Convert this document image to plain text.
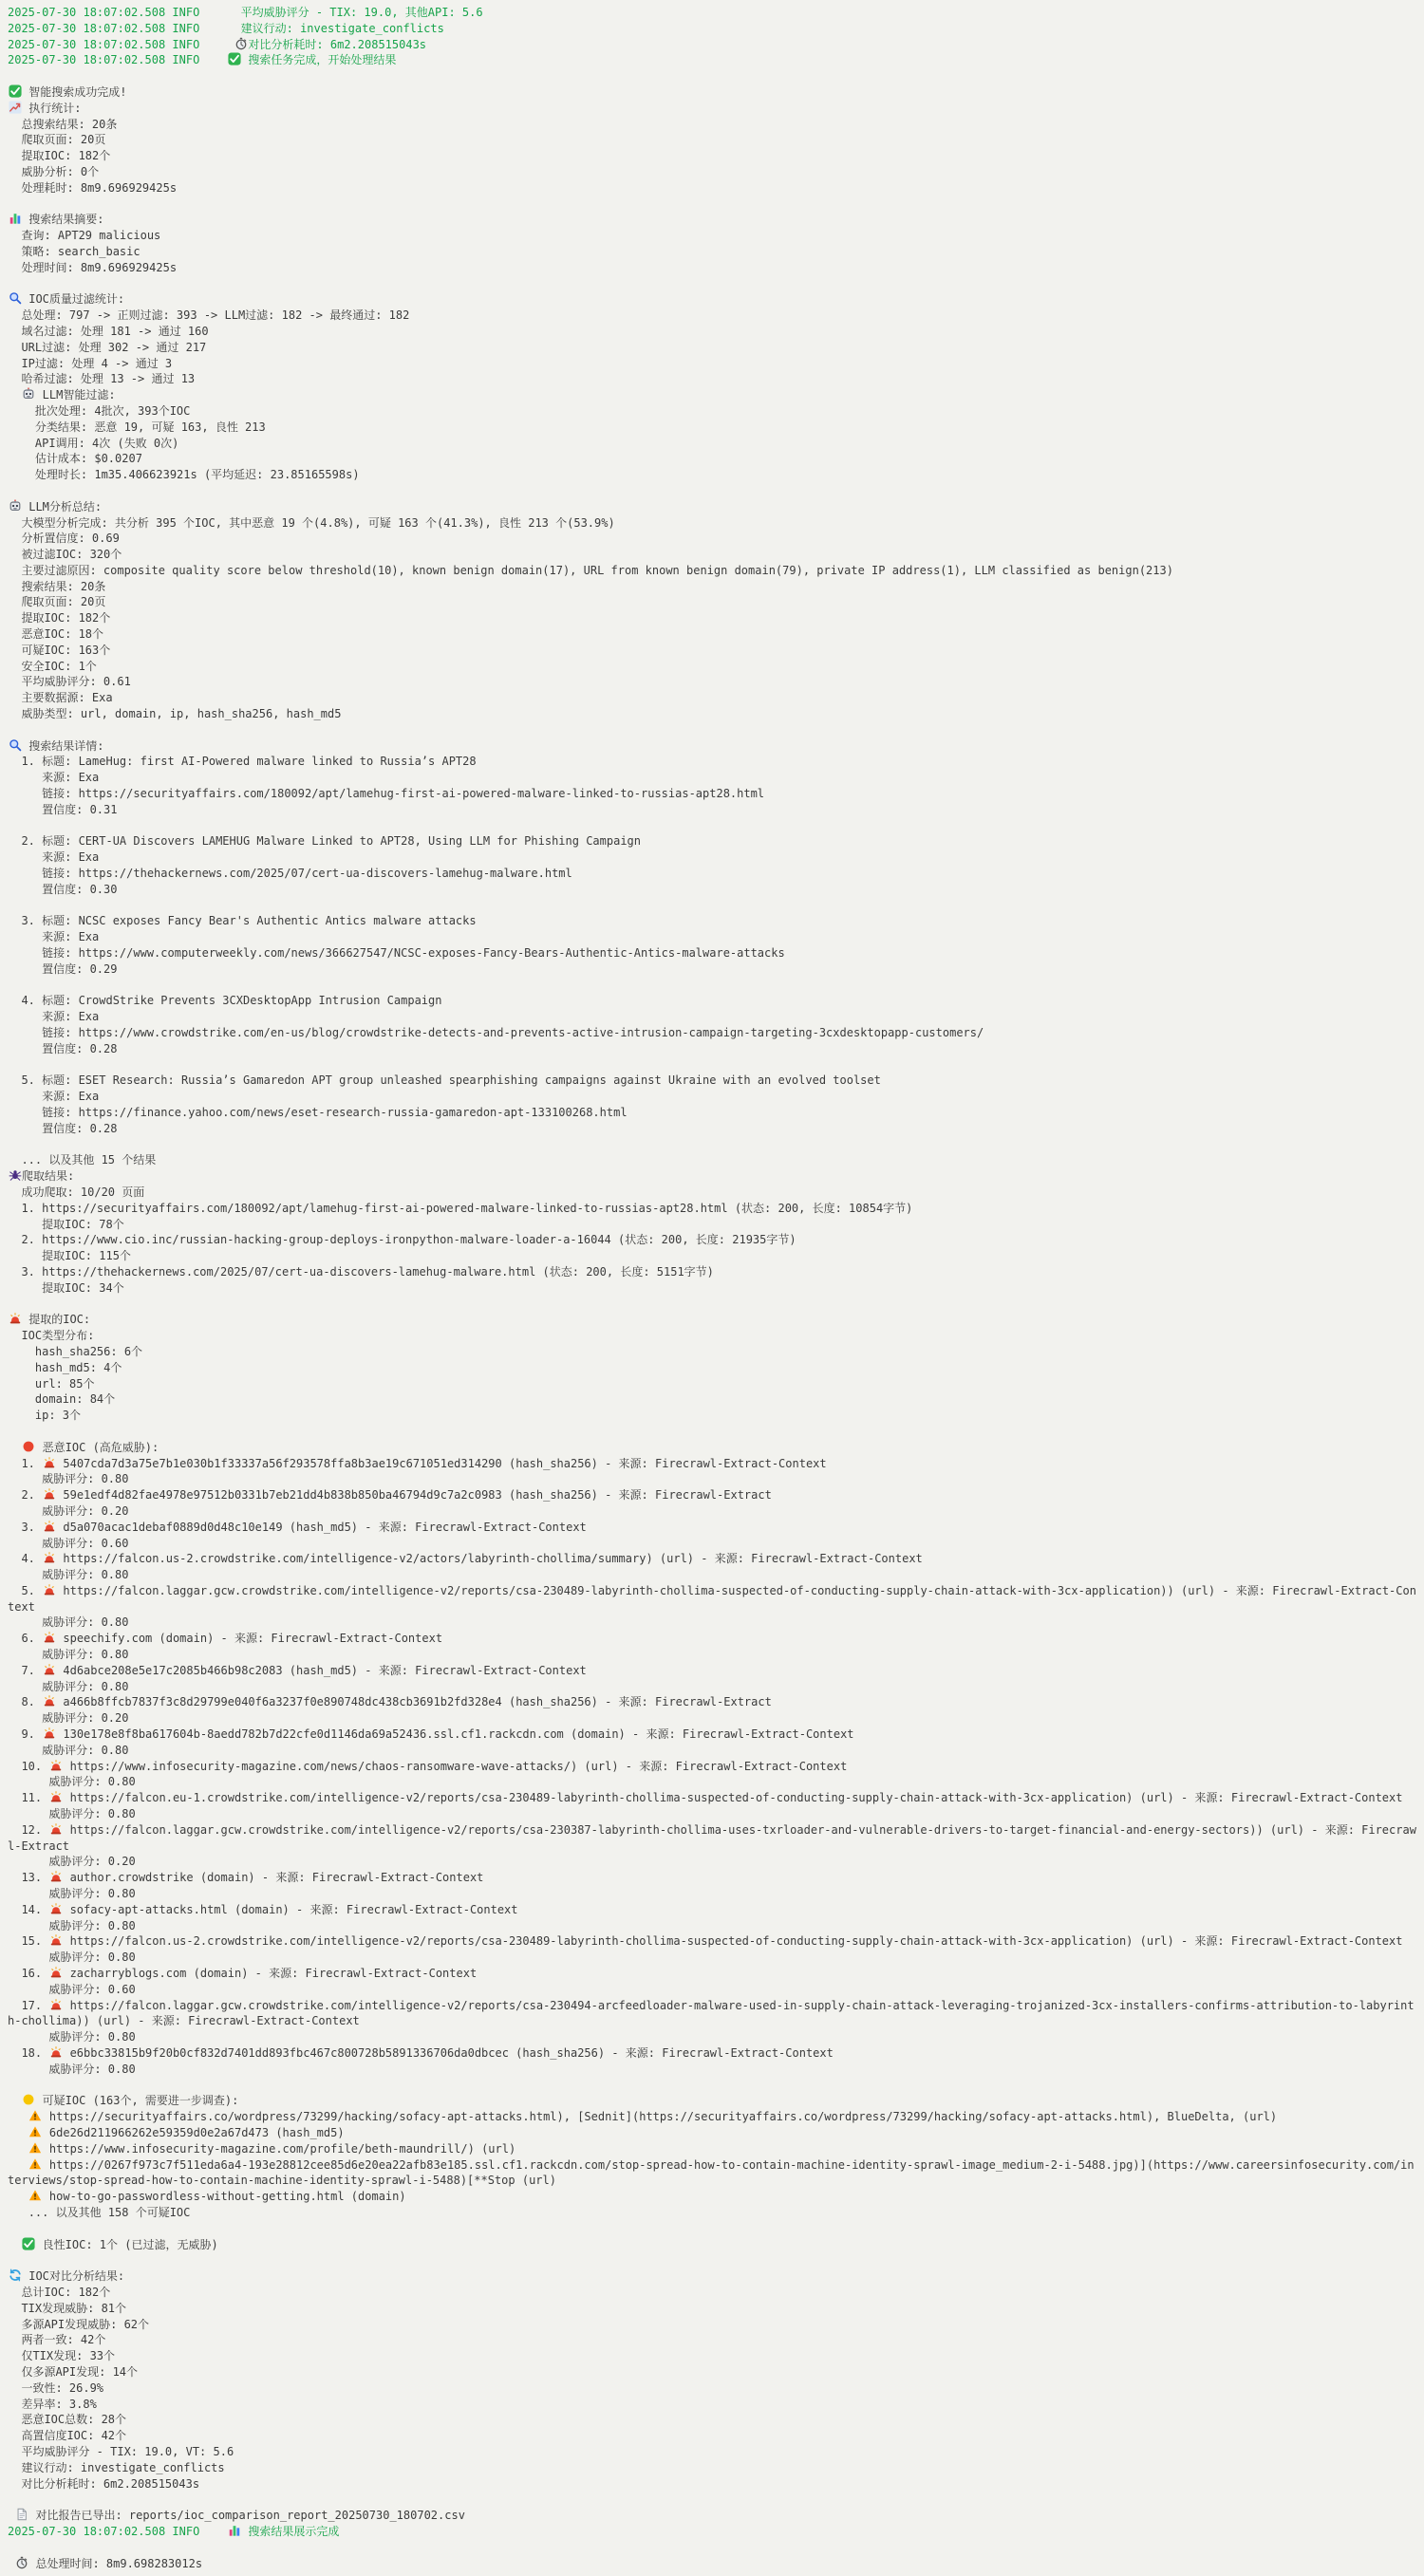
2025-07-30 18:07:02.508 INFO      平均威胁评分 - TIX: 19.0, 其他API: 5.6
2025-07-30 18:07:02.508 INFO      建议行动: investigate_conflicts
2025-07-30 18:07:02.508 INFO     对比分析耗时: 6m2.208515043s
2025-07-30 18:07:02.508 INFO     搜索任务完成，开始处理结果

智能搜索成功完成!
执行统计:
总搜索结果: 20条
爬取页面: 20页
提取IOC: 182个
威胁分析: 0个
处理耗时: 8m9.696929425s

搜索结果摘要:
查询: APT29 malicious
策略: search_basic
处理时间: 8m9.696929425s

IOC质量过滤统计:
总处理: 797 -> 正则过滤: 393 -> LLM过滤: 182 -> 最终通过: 182
域名过滤: 处理 181 -> 通过 160
URL过滤: 处理 302 -> 通过 217
IP过滤: 处理 4 -> 通过 3
哈希过滤: 处理 13 -> 通过 13
LLM智能过滤:
批次处理: 4批次, 393个IOC
分类结果: 恶意 19, 可疑 163, 良性 213
API调用: 4次 (失败 0次)
估计成本: $0.0207
处理时长: 1m35.406623921s (平均延迟: 23.85165598s)

LLM分析总结:
大模型分析完成: 共分析 395 个IOC, 其中恶意 19 个(4.8%), 可疑 163 个(41.3%), 良性 213 个(53.9%)
分析置信度: 0.69
被过滤IOC: 320个
主要过滤原因: composite quality score below threshold(10), known benign domain(17), URL from known benign domain(79), private IP address(1), LLM classified as benign(213)
搜索结果: 20条
爬取页面: 20页
提取IOC: 182个
恶意IOC: 18个
可疑IOC: 163个
安全IOC: 1个
平均威胁评分: 0.61
主要数据源: Exa
威胁类型: url, domain, ip, hash_sha256, hash_md5

搜索结果详情:
1. 标题: LameHug: first AI-Powered malware linked to Russia’s APT28
来源: Exa
链接: https://securityaffairs.com/180092/apt/lamehug-first-ai-powered-malware-linked-to-russias-apt28.html
置信度: 0.31

2. 标题: CERT-UA Discovers LAMEHUG Malware Linked to APT28, Using LLM for Phishing Campaign
来源: Exa
链接: https://thehackernews.com/2025/07/cert-ua-discovers-lamehug-malware.html
置信度: 0.30

3. 标题: NCSC exposes Fancy Bear's Authentic Antics malware attacks
来源: Exa
链接: https://www.computerweekly.com/news/366627547/NCSC-exposes-Fancy-Bears-Authentic-Antics-malware-attacks
置信度: 0.29

4. 标题: CrowdStrike Prevents 3CXDesktopApp Intrusion Campaign
来源: Exa
链接: https://www.crowdstrike.com/en-us/blog/crowdstrike-detects-and-prevents-active-intrusion-campaign-targeting-3cxdesktopapp-customers/
置信度: 0.28

5. 标题: ESET Research: Russia’s Gamaredon APT group unleashed spearphishing campaigns against Ukraine with an evolved toolset
来源: Exa
链接: https://finance.yahoo.com/news/eset-research-russia-gamaredon-apt-133100268.html
置信度: 0.28

... 以及其他 15 个结果
爬取结果:
成功爬取: 10/20 页面
1. https://securityaffairs.com/180092/apt/lamehug-first-ai-powered-malware-linked-to-russias-apt28.html (状态: 200, 长度: 10854字节)
提取IOC: 78个
2. https://www.cio.inc/russian-hacking-group-deploys-ironpython-malware-loader-a-16044 (状态: 200, 长度: 21935字节)
提取IOC: 115个
3. https://thehackernews.com/2025/07/cert-ua-discovers-lamehug-malware.html (状态: 200, 长度: 5151字节)
提取IOC: 34个

提取的IOC:
IOC类型分布:
hash_sha256: 6个
hash_md5: 4个
url: 85个
domain: 84个
ip: 3个

恶意IOC (高危威胁):
1.  5407cda7d3a75e7b1e030b1f33337a56f293578ffa8b3ae19c671051ed314290 (hash_sha256) - 来源: Firecrawl-Extract-Context
威胁评分: 0.80
2.  59e1edf4d82fae4978e97512b0331b7eb21dd4b838b850ba46794d9c7a2c0983 (hash_sha256) - 来源: Firecrawl-Extract
威胁评分: 0.20
3.  d5a070acac1debaf0889d0d48c10e149 (hash_md5) - 来源: Firecrawl-Extract-Context
威胁评分: 0.60
4.  https://falcon.us-2.crowdstrike.com/intelligence-v2/actors/labyrinth-chollima/summary) (url) - 来源: Firecrawl-Extract-Context
威胁评分: 0.80
5.  https://falcon.laggar.gcw.crowdstrike.com/intelligence-v2/reports/csa-230489-labyrinth-chollima-suspected-of-conducting-supply-chain-attack-with-3cx-application)) (url) - 来源: Firecrawl-Extract-Context
威胁评分: 0.80
6.  speechify.com (domain) - 来源: Firecrawl-Extract-Context
威胁评分: 0.80
7.  4d6abce208e5e17c2085b466b98c2083 (hash_md5) - 来源: Firecrawl-Extract-Context
威胁评分: 0.80
8.  a466b8ffcb7837f3c8d29799e040f6a3237f0e890748dc438cb3691b2fd328e4 (hash_sha256) - 来源: Firecrawl-Extract
威胁评分: 0.20
9.  130e178e8f8ba617604b-8aedd782b7d22cfe0d1146da69a52436.ssl.cf1.rackcdn.com (domain) - 来源: Firecrawl-Extract-Context
威胁评分: 0.80
10.  https://www.infosecurity-magazine.com/news/chaos-ransomware-wave-attacks/) (url) - 来源: Firecrawl-Extract-Context
威胁评分: 0.80
11.  https://falcon.eu-1.crowdstrike.com/intelligence-v2/reports/csa-230489-labyrinth-chollima-suspected-of-conducting-supply-chain-attack-with-3cx-application) (url) - 来源: Firecrawl-Extract-Context
威胁评分: 0.80
12.  https://falcon.laggar.gcw.crowdstrike.com/intelligence-v2/reports/csa-230387-labyrinth-chollima-uses-txrloader-and-vulnerable-drivers-to-target-financial-and-energy-sectors)) (url) - 来源: Firecrawl-Extract
威胁评分: 0.20
13.  author.crowdstrike (domain) - 来源: Firecrawl-Extract-Context
威胁评分: 0.80
14.  sofacy-apt-attacks.html (domain) - 来源: Firecrawl-Extract-Context
威胁评分: 0.80
15.  https://falcon.us-2.crowdstrike.com/intelligence-v2/reports/csa-230489-labyrinth-chollima-suspected-of-conducting-supply-chain-attack-with-3cx-application) (url) - 来源: Firecrawl-Extract-Context
威胁评分: 0.80
16.  zacharryblogs.com (domain) - 来源: Firecrawl-Extract-Context
威胁评分: 0.60
17.  https://falcon.laggar.gcw.crowdstrike.com/intelligence-v2/reports/csa-230494-arcfeedloader-malware-used-in-supply-chain-attack-leveraging-trojanized-3cx-installers-confirms-attribution-to-labyrinth-chollima)) (url) - 来源: Firecrawl-Extract-Context
威胁评分: 0.80
18.  e6bbc33815b9f20b0cf832d7401dd893fbc467c800728b5891336706da0dbcec (hash_sha256) - 来源: Firecrawl-Extract-Context
威胁评分: 0.80

可疑IOC (163个, 需要进一步调查):
https://securityaffairs.co/wordpress/73299/hacking/sofacy-apt-attacks.html), [Sednit](https://securityaffairs.co/wordpress/73299/hacking/sofacy-apt-attacks.html), BlueDelta, (url)
6de26d211966262e59359d0e2a67d473 (hash_md5)
https://www.infosecurity-magazine.com/profile/beth-maundrill/) (url)
https://0267f973c7f511eda6a4-193e28812cee85d6e20ea22afb83e185.ssl.cf1.rackcdn.com/stop-spread-how-to-contain-machine-identity-sprawl-image_medium-2-i-5488.jpg)](https://www.careersinfosecurity.com/interviews/stop-spread-how-to-contain-machine-identity-sprawl-i-5488)[**Stop (url)
how-to-go-passwordless-without-getting.html (domain)
... 以及其他 158 个可疑IOC

良性IOC: 1个 (已过滤，无威胁)

IOC对比分析结果:
总计IOC: 182个
TIX发现威胁: 81个
多源API发现威胁: 62个
两者一致: 42个
仅TIX发现: 33个
仅多源API发现: 14个
一致性: 26.9%
差异率: 3.8%
恶意IOC总数: 28个
高置信度IOC: 42个
平均威胁评分 - TIX: 19.0, VT: 5.6
建议行动: investigate_conflicts
对比分析耗时: 6m2.208515043s

对比报告已导出: reports/ioc_comparison_report_20250730_180702.csv
2025-07-30 18:07:02.508 INFO     搜索结果展示完成

总处理时间: 8m9.698283012s
